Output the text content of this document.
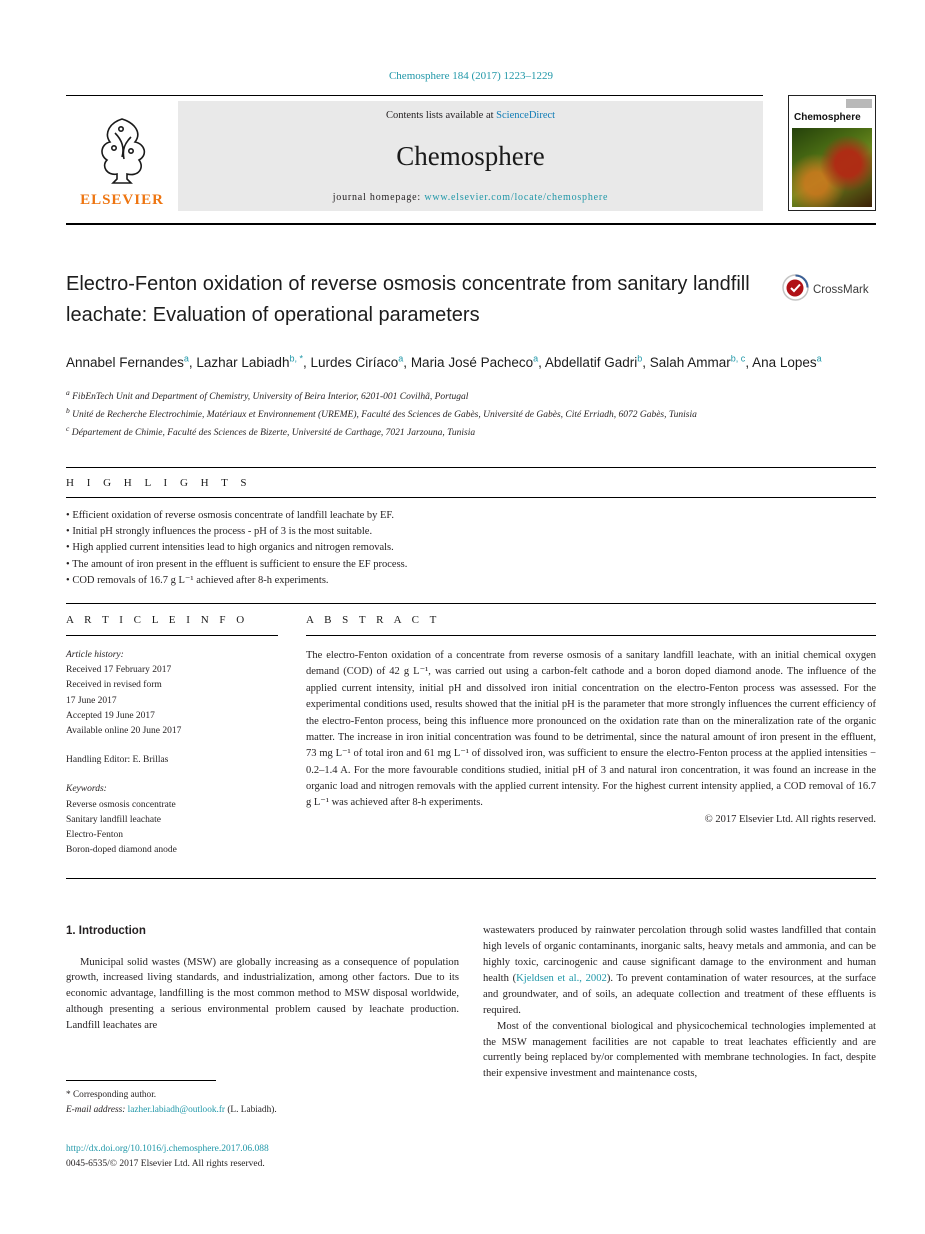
Chemosphere 184 (2017) 1223–1229
ELSEVIER
Contents lists available at ScienceDirect
Chemosphere
journal homepage: www.elsevier.com/locate/chemosphere
Chemosphere
Electro-Fenton oxidation of reverse osmosis concentrate from sanitary landfill leachate: Evaluation of operational parameters
CrossMark
Annabel Fernandes$^a$, Lazhar Labiadh$^{b, *}$, Lurdes Ciríaco$^a$, Maria José Pacheco$^a$, Abdellatif Gadri$^b$, Salah Ammar$^{b, c}$, Ana Lopes$^a$
$^a$ FibEnTech Unit and Department of Chemistry, University of Beira Interior, 6201-001 Covilhã, Portugal
$^b$ Unité de Recherche Electrochimie, Matériaux et Environnement (UREME), Faculté des Sciences de Gabès, Université de Gabès, Cité Erriadh, 6072 Gabès, Tunisia
$^c$ Département de Chimie, Faculté des Sciences de Bizerte, Université de Carthage, 7021 Jarzouna, Tunisia
H I G H L I G H T S
• Efficient oxidation of reverse osmosis concentrate of landfill leachate by EF.
• Initial pH strongly influences the process - pH of 3 is the most suitable.
• High applied current intensities lead to high organics and nitrogen removals.
• The amount of iron present in the effluent is sufficient to ensure the EF process.
• COD removals of 16.7 g L⁻¹ achieved after 8-h experiments.
A R T I C L E I N F O
Article history:
Received 17 February 2017
Received in revised form
17 June 2017
Accepted 19 June 2017
Available online 20 June 2017
Handling Editor: E. Brillas
Keywords:
Reverse osmosis concentrate
Sanitary landfill leachate
Electro-Fenton
Boron-doped diamond anode
A B S T R A C T

The electro-Fenton oxidation of a concentrate from reverse osmosis of a sanitary landfill leachate, with an initial chemical oxygen demand (COD) of 42 g L⁻¹, was carried out using a carbon-felt cathode and a boron doped diamond anode. The influence of the applied current intensity, initial pH and dissolved iron initial concentration on the electro-Fenton process was assessed. For the experimental conditions used, results showed that the initial pH is the parameter that more strongly influences the current efficiency of the electro-Fenton process, being this influence more pronounced on the oxidation rate than on the mineralization rate of the organic matter. The increase in iron initial concentration was found to be detrimental, since the natural amount of iron present in the effluent, 73 mg L⁻¹ of total iron and 61 mg L⁻¹ of dissolved iron, was sufficient to ensure the electro-Fenton process at the applied intensities − 0.2–1.4 A. For the more favourable conditions studied, initial pH of 3 and natural iron concentration, it was found an increase in the organic load and nitrogen removals with the applied current intensity. For the highest current intensity applied, a COD removal of 16.7 g L⁻¹ was achieved after 8-h experiments.

© 2017 Elsevier Ltd. All rights reserved.
1. Introduction

Municipal solid wastes (MSW) are globally increasing as a consequence of population growth, increased living standards, and industrialization, among other factors. Due to its economic advantage, landfilling is the most common method to MSW disposal worldwide, although presenting a serious environmental problem caused by leachate production. Landfill leachates are

* Corresponding author.
E-mail address: lazher.labiadh@outlook.fr (L. Labiadh).
http://dx.doi.org/10.1016/j.chemosphere.2017.06.088
0045-6535/© 2017 Elsevier Ltd. All rights reserved.

wastewaters produced by rainwater percolation through solid wastes landfilled that contain high levels of organic contaminants, inorganic salts, heavy metals and ammonia, and can be highly toxic, carcinogenic and cause significant damage to the environment and human health (Kjeldsen et al., 2002). To prevent contamination of water resources, at the surface and groundwater, and of soils, an adequate collection and treatment of these effluents is required.

Most of the conventional biological and physicochemical technologies implemented at the MSW management facilities are not capable to treat leachates efficiently and are currently being replaced by/or complemented with membrane technologies. In fact, despite their expensive investment and maintenance costs,
